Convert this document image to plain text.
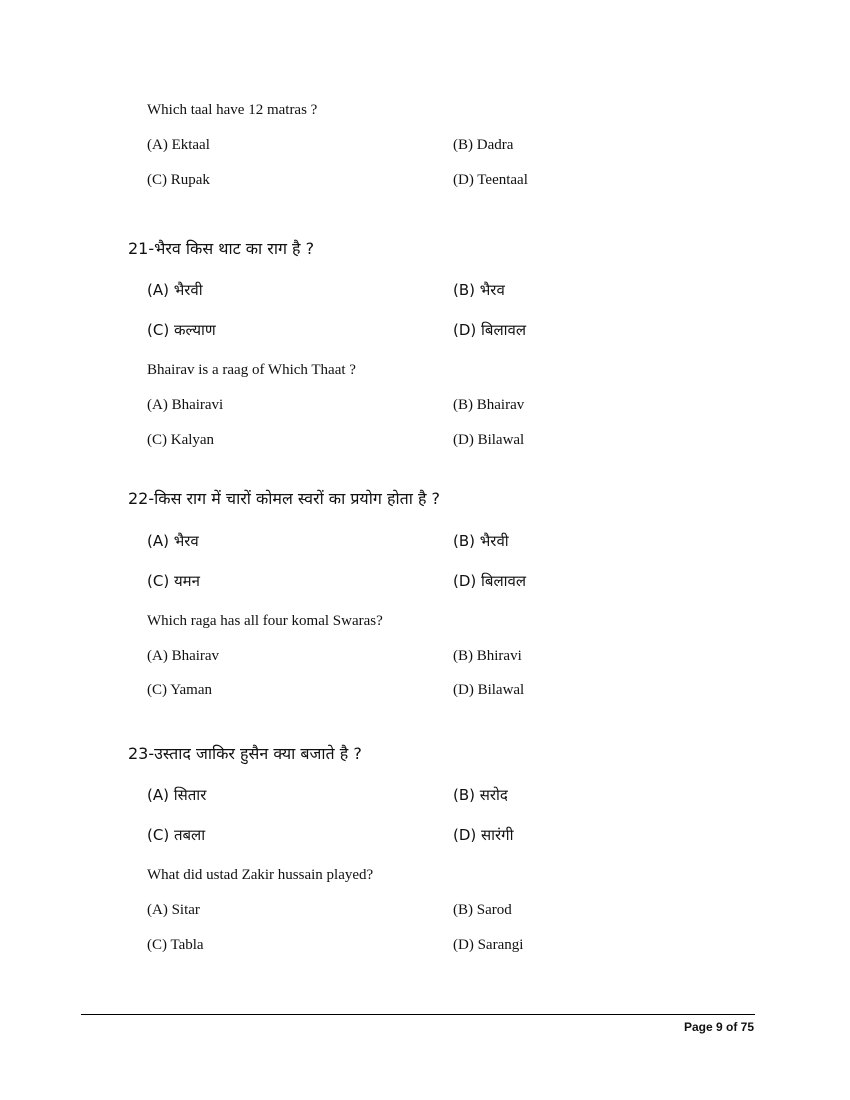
Which taal have 12 matras ?
(A) Ektaal	(B) Dadra
(C) Rupak	(D) Teentaal
21-भैरव किस थाट का राग है ?
(A) भैरवी	(B) भैरव
(C) कल्याण	(D) बिलावल
Bhairav is a raag of Which Thaat ?
(A) Bhairavi	(B) Bhairav
(C) Kalyan	(D) Bilawal
22-किस राग में चारों कोमल स्वरों का प्रयोग होता है ?
(A) भैरव	(B) भैरवी
(C) यमन	(D) बिलावल
Which raga has all four komal Swaras?
(A) Bhairav	(B) Bhiravi
(C) Yaman	(D) Bilawal
23-उस्ताद जाकिर हुसैन क्या बजाते है ?
(A) सितार	(B) सरोद
(C) तबला	(D) सारंगी
What did ustad Zakir hussain played?
(A) Sitar	(B) Sarod
(C) Tabla	(D) Sarangi
Page 9 of 75
